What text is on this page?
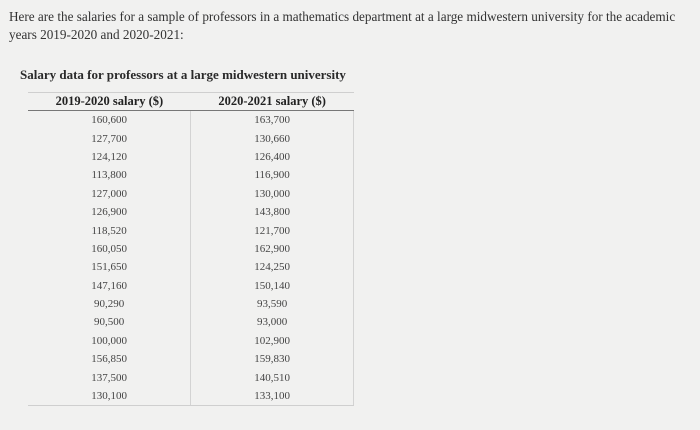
Here are the salaries for a sample of professors in a mathematics department at a large midwestern university for the academic years 2019-2020 and 2020-2021:
Salary data for professors at a large midwestern university
2019-2020 salary ($)	2020-2021 salary ($)
160,600	163,700
127,700	130,660
124,120	126,400
113,800	116,900
127,000	130,000
126,900	143,800
118,520	121,700
160,050	162,900
151,650	124,250
147,160	150,140
90,290	93,590
90,500	93,000
100,000	102,900
156,850	159,830
137,500	140,510
130,100	133,100
